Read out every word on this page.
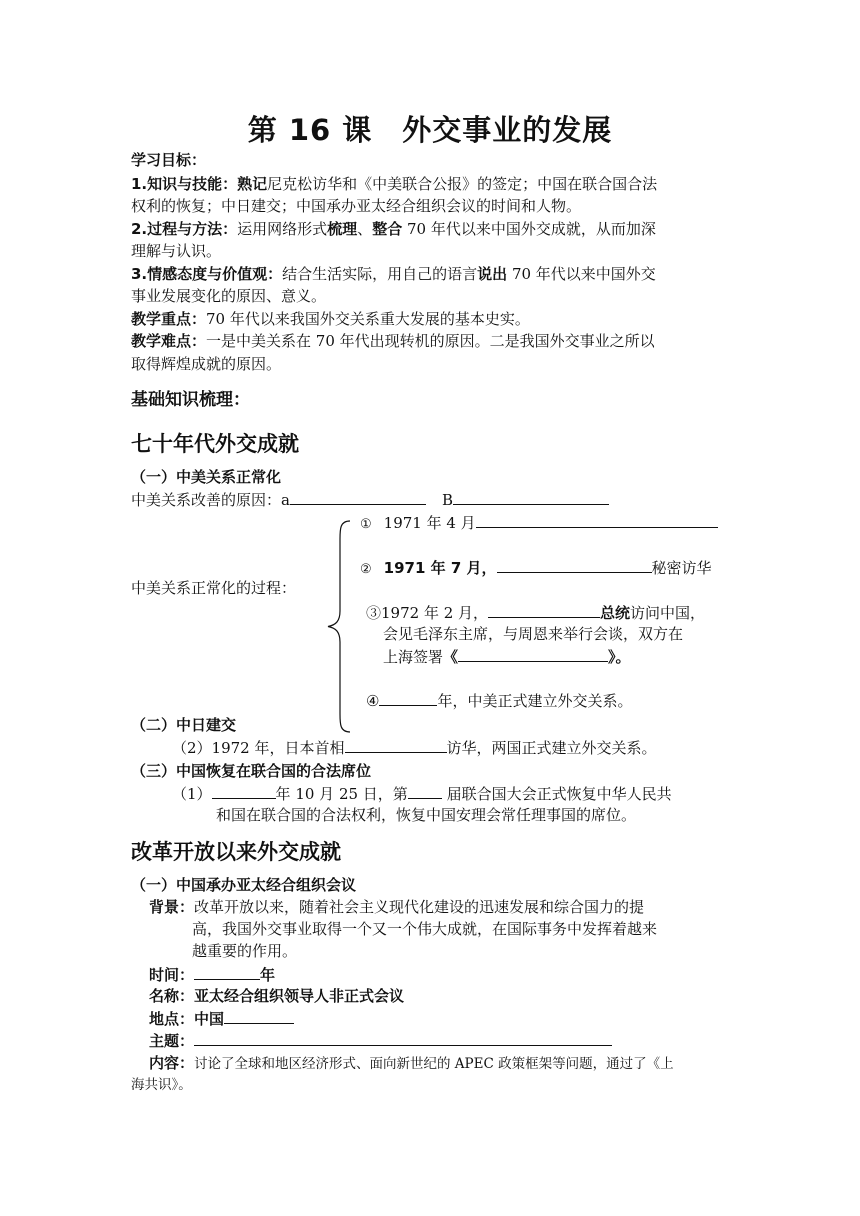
第 16 课　外交事业的发展
学习目标：
1.知识与技能：熟记尼克松访华和《中美联合公报》的签定；中国在联合国合法
权利的恢复；中日建交；中国承办亚太经合组织会议的时间和人物。
2.过程与方法：运用网络形式梳理、整合 70 年代以来中国外交成就，从而加深
理解与认识。
3.情感态度与价值观：结合生活实际，用自己的语言说出 70 年代以来中国外交
事业发展变化的原因、意义。
教学重点：70 年代以来我国外交关系重大发展的基本史实。
教学难点：一是中美关系在 70 年代出现转机的原因。二是我国外交事业之所以
取得辉煌成就的原因。
基础知识梳理：
七十年代外交成就
（一）中美关系正常化
中美关系改善的原因：a	B
中美关系正常化的过程：
① 1971 年 4 月
② 1971 年 7 月，	秘密访华
③1972 年 2 月，	总统访问中国，
会见毛泽东主席，与周恩来举行会谈，双方在
上海签署《	》。
④	年，中美正式建立外交关系。
（二）中日建交
（2）1972 年，日本首相	访华，两国正式建立外交关系。
（三）中国恢复在联合国的合法席位
（1）	年 10 月 25 日，第 届联合国大会正式恢复中华人民共
和国在联合国的合法权利，恢复中国安理会常任理事国的席位。
改革开放以来外交成就
（一）中国承办亚太经合组织会议
背景：改革开放以来，随着社会主义现代化建设的迅速发展和综合国力的提
高，我国外交事业取得一个又一个伟大成就，在国际事务中发挥着越来
越重要的作用。
时间：	年
名称：亚太经合组织领导人非正式会议
地点：中国
主题：
内容：讨论了全球和地区经济形式、面向新世纪的 APEC 政策框架等问题，通过了《上
海共识》。
